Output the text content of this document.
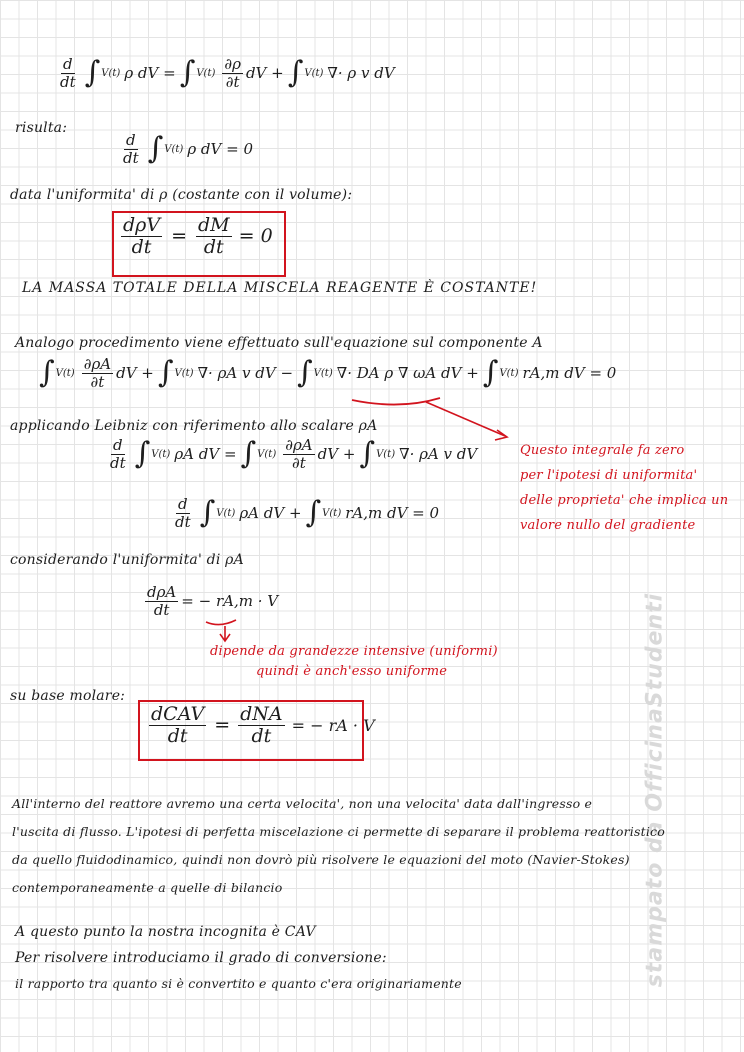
stampato da OfficinaStudenti
$\frac{d}{dt}$ ∫ V(t) ρ dV = ∫ $V(t) \frac{\partial\rho}{\partial t}$ dV + ∫ V(t) ∇· ρ v dV
risulta:
$\frac{d}{dt}$ ∫ V(t) ρ dV = 0
data l'uniformita' di ρ (costante con il volume):
$\frac{\text{dρV}}{dt} = \frac{dM}{dt} = 0$
LA MASSA TOTALE DELLA MISCELA REAGENTE È COSTANTE!
Analogo procedimento viene effettuato sull'equazione sul componente A
∫ $V(t) \frac{\partial\rho A}{\partial t}$ dV + ∫ V(t) ∇· ρA v dV − ∫ V(t) ∇· DA ρ ∇ ωA dV + ∫ V(t) rA,m dV = 0
applicando Leibniz con riferimento allo scalare ρA
$\frac{d}{dt}$ ∫ V(t) ρA dV = ∫ $V(t) \frac{\partial\rho A}{\partial t}$ dV + ∫ V(t) ∇· ρA v dV	Questo integrale fa zero
per l'ipotesi di uniformita'
delle proprieta' che implica un
valore nullo del gradiente
$\frac{d}{dt}$ ∫ V(t) ρA dV + ∫ V(t) rA,m dV = 0
considerando l'uniformita' di ρA
$\frac{\text{dρA}}{dt}$ = − rA,m · V
dipende da grandezze intensive (uniformi)
quindi è anch'esso uniforme
su base molare:
$\frac{\text{dCAV}}{dt} = \frac{\text{dNA}}{dt}$ = − rA · V
All'interno del reattore avremo una certa velocita', non una velocita' data dall'ingresso e
l'uscita di flusso. L'ipotesi di perfetta miscelazione ci permette di separare il problema reattoristico
da quello fluidodinamico, quindi non dovrò più risolvere le equazioni del moto (Navier-Stokes)
contemporaneamente a quelle di bilancio
A questo punto la nostra incognita è CAV
Per risolvere introduciamo il grado di conversione:
il rapporto tra quanto si è convertito e quanto c'era originariamente
